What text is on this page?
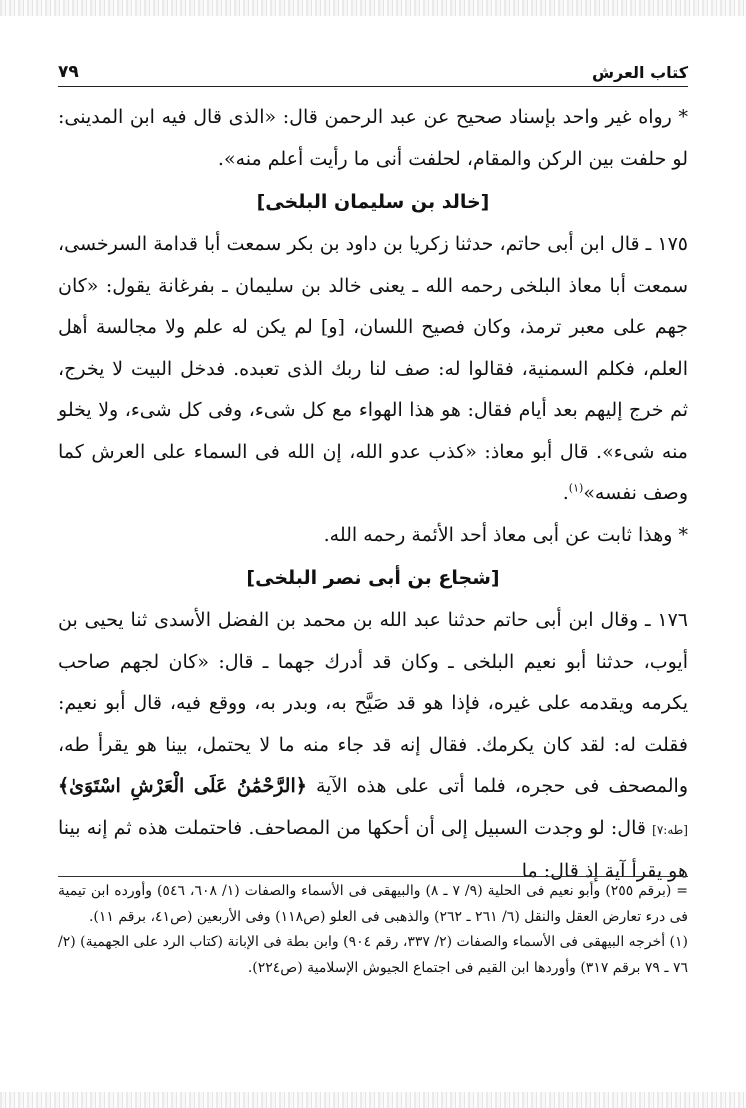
كتاب العرش
٧٩

* رواه غير واحد بإسناد صحيح عن عبد الرحمن قال: «الذى قال فيه ابن المدينى: لو حلفت بين الركن والمقام، لحلفت أنى ما رأيت أعلم منه».

[خالد بن سليمان البلخى]

١٧٥ ـ قال ابن أبى حاتم، حدثنا زكريا بن داود بن بكر سمعت أبا قدامة السرخسى، سمعت أبا معاذ البلخى رحمه الله ـ يعنى خالد بن سليمان ـ بفرغانة يقول: «كان جهم على معبر ترمذ، وكان فصيح اللسان، [و] لم يكن له علم ولا مجالسة أهل العلم، فكلم السمنية، فقالوا له: صف لنا ربك الذى تعبده. فدخل البيت لا يخرج، ثم خرج إليهم بعد أيام فقال: هو هذا الهواء مع كل شىء، وفى كل شىء، ولا يخلو منه شىء». قال أبو معاذ: «كذب عدو الله، إن الله فى السماء على العرش كما وصف نفسه»$^{(١)}$.

* وهذا ثابت عن أبى معاذ أحد الأئمة رحمه الله.

[شجاع بن أبى نصر البلخى]

١٧٦ ـ وقال ابن أبى حاتم حدثنا عبد الله بن محمد بن الفضل الأسدى ثنا يحيى بن أيوب، حدثنا أبو نعيم البلخى ـ وكان قد أدرك جهما ـ قال: «كان لجهم صاحب يكرمه ويقدمه على غيره، فإذا هو قد صَيَّح به، وبدر به، ووقع فيه، قال أبو نعيم: فقلت له: لقد كان يكرمك. فقال إنه قد جاء منه ما لا يحتمل، بينا هو يقرأ طه، والمصحف فى حجره، فلما أتى على هذه الآية ﴿الرَّحْمَٰنُ عَلَى الْعَرْشِ اسْتَوَىٰ﴾ [طه:٧] قال: لو وجدت السبيل إلى أن أحكها من المصاحف. فاحتملت هذه ثم إنه بينا هو يقرأ آية إذ قال: ما

= (برقم ٢٥٥) وأبو نعيم فى الحلية (٩/ ٧ ـ ٨) والبيهقى فى الأسماء والصفات (١/ ٦٠٨، ٥٤٦) وأورده ابن تيمية فى درء تعارض العقل والنقل (٦/ ٢٦١ ـ ٢٦٢) والذهبى فى العلو (ص١١٨) وفى الأربعين (ص٤١، برقم ١١).

(١) أخرجه البيهقى فى الأسماء والصفات (٢/ ٣٣٧، رقم ٩٠٤) وابن بطة فى الإبانة (كتاب الرد على الجهمية) (٢/ ٧٦ ـ ٧٩ برقم ٣١٧) وأوردها ابن القيم فى اجتماع الجيوش الإسلامية (ص٢٢٤).
